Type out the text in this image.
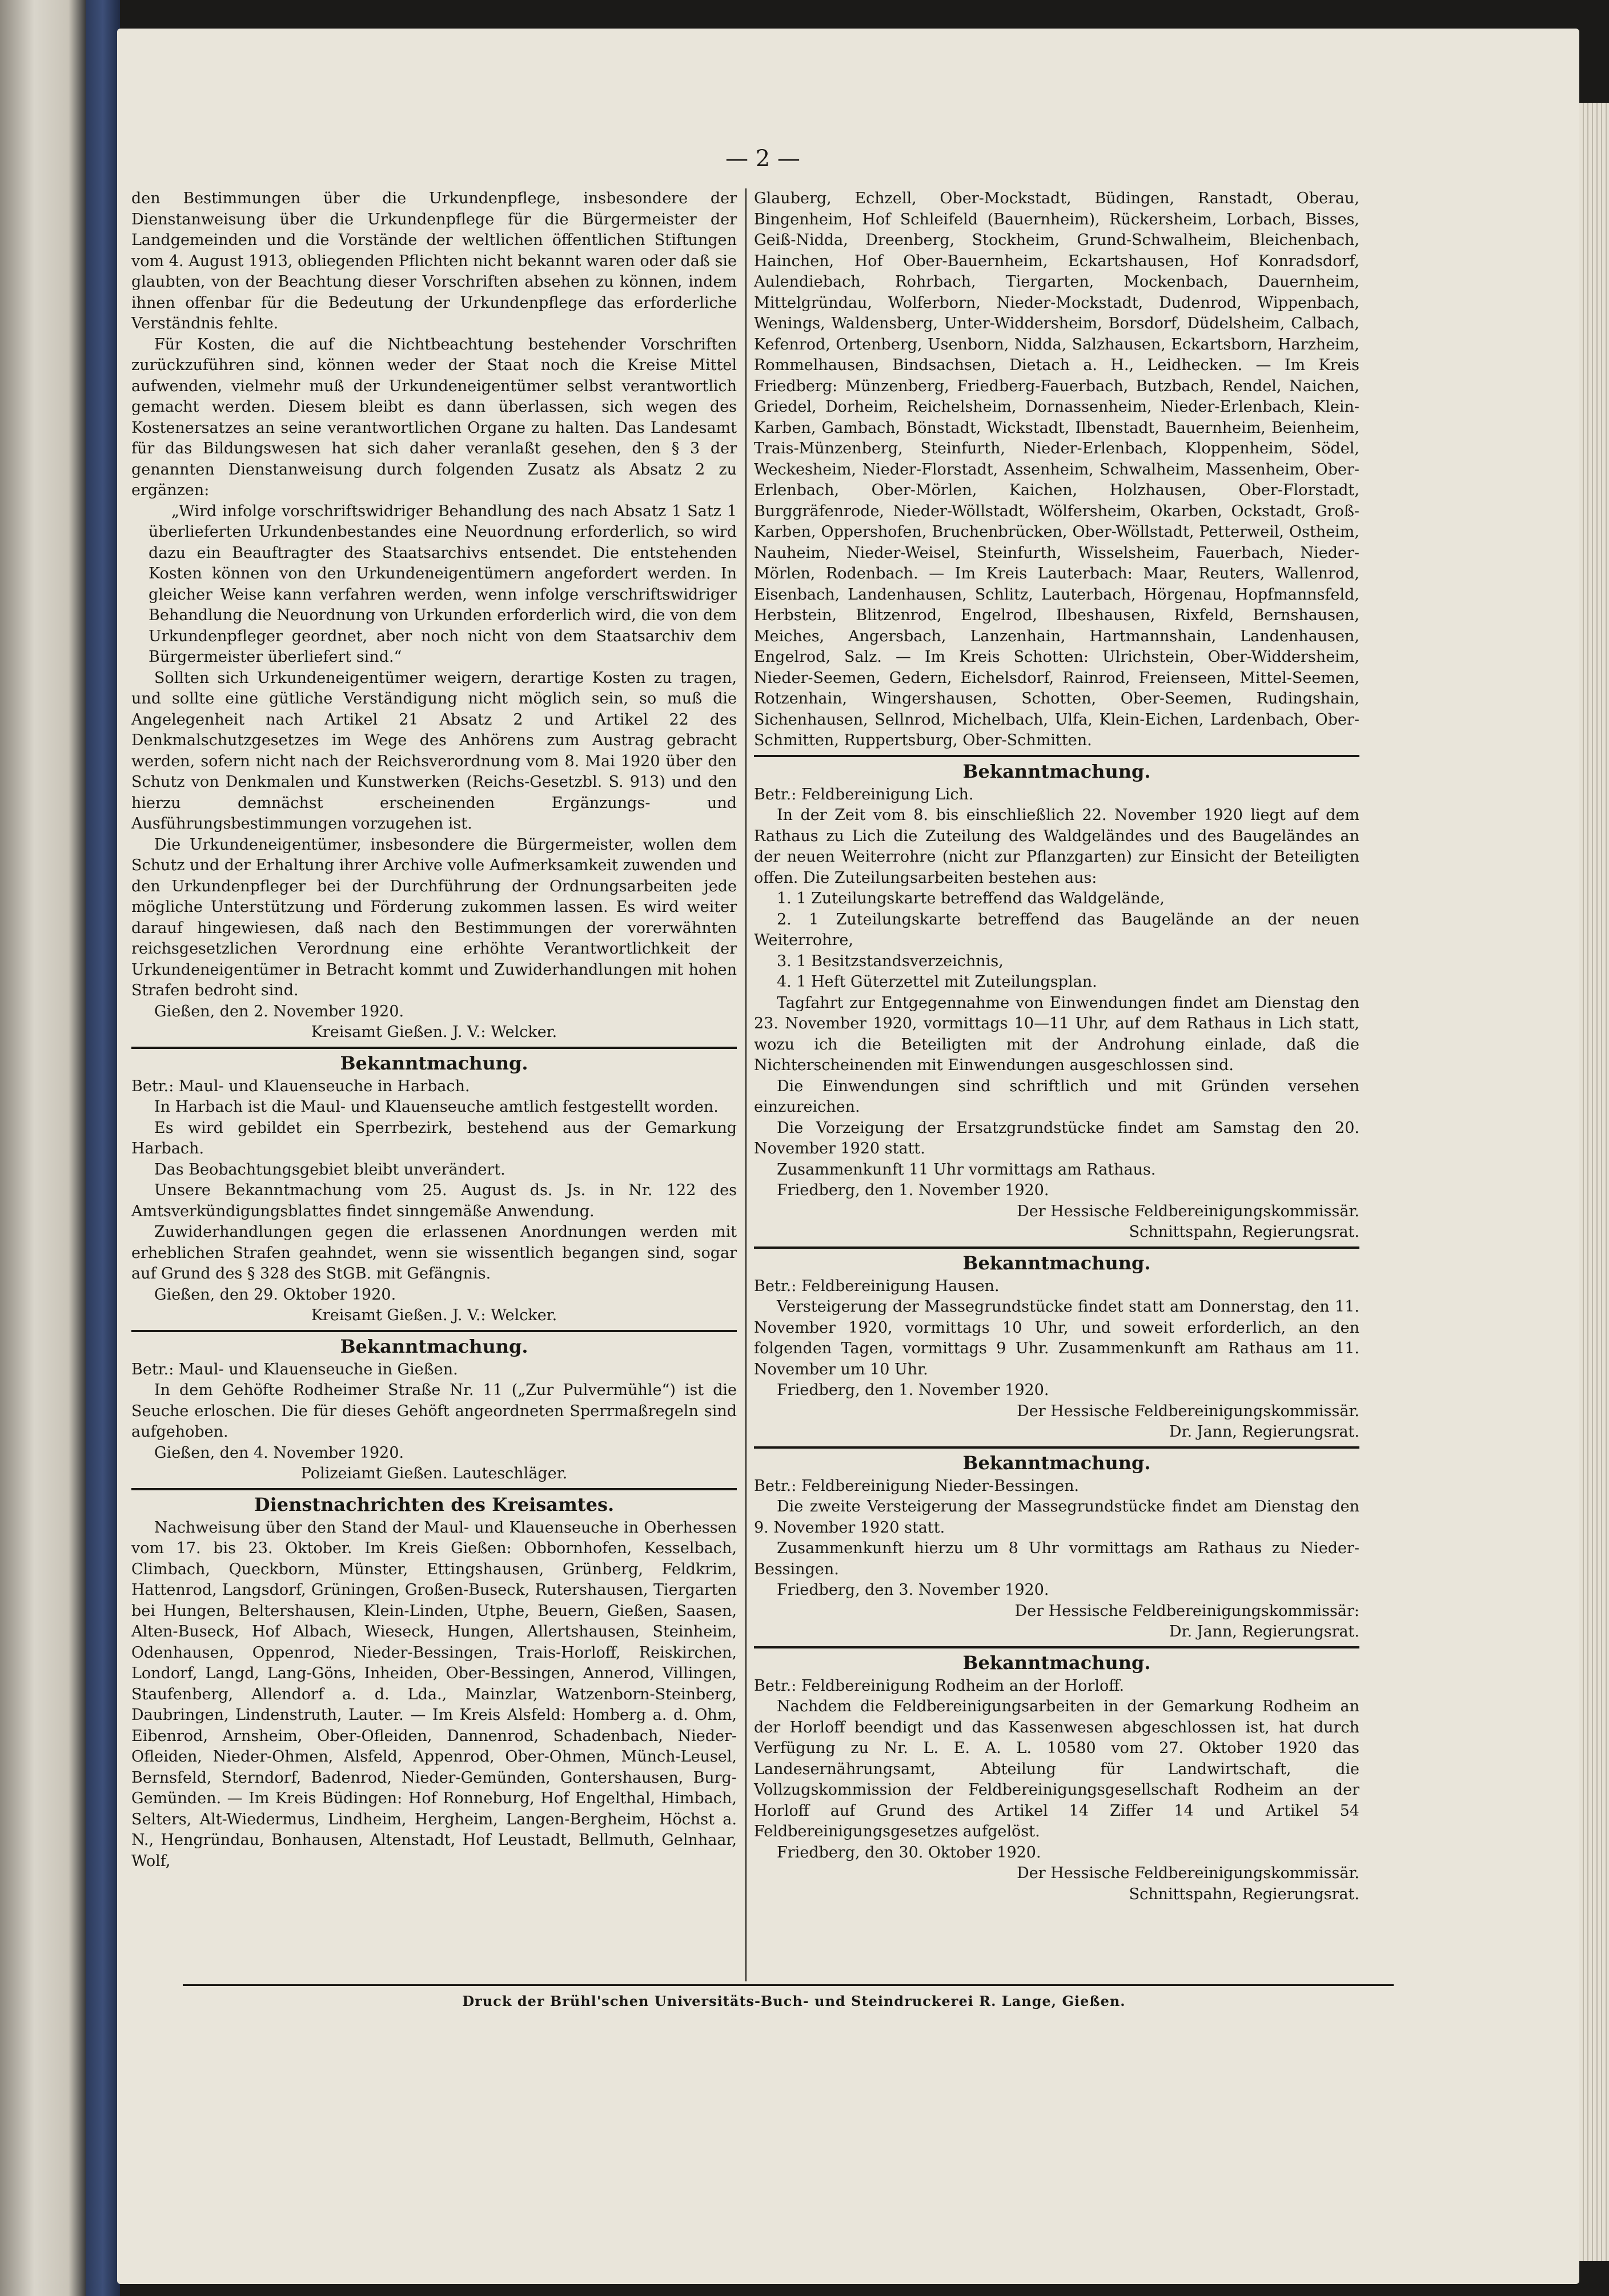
— 2 —

den Bestimmungen über die Urkundenpflege, insbesondere der Dienstanweisung über die Urkundenpflege für die Bürgermeister der Landgemeinden und die Vorstände der weltlichen öffentlichen Stiftungen vom 4. August 1913, obliegenden Pflichten nicht bekannt waren oder daß sie glaubten, von der Beachtung dieser Vorschriften absehen zu können, indem ihnen offenbar für die Bedeutung der Urkundenpflege das erforderliche Verständnis fehlte.

Für Kosten, die auf die Nichtbeachtung bestehender Vorschriften zurückzuführen sind, können weder der Staat noch die Kreise Mittel aufwenden, vielmehr muß der Urkundeneigentümer selbst verantwortlich gemacht werden. Diesem bleibt es dann überlassen, sich wegen des Kostenersatzes an seine verantwortlichen Organe zu halten. Das Landesamt für das Bildungswesen hat sich daher veranlaßt gesehen, den § 3 der genannten Dienstanweisung durch folgenden Zusatz als Absatz 2 zu ergänzen:

„Wird infolge vorschriftswidriger Behandlung des nach Absatz 1 Satz 1 überlieferten Urkundenbestandes eine Neuordnung erforderlich, so wird dazu ein Beauftragter des Staatsarchivs entsendet. Die entstehenden Kosten können von den Urkundeneigentümern angefordert werden. In gleicher Weise kann verfahren werden, wenn infolge verschriftswidriger Behandlung die Neuordnung von Urkunden erforderlich wird, die von dem Urkundenpfleger geordnet, aber noch nicht von dem Staatsarchiv dem Bürgermeister überliefert sind.“

Sollten sich Urkundeneigentümer weigern, derartige Kosten zu tragen, und sollte eine gütliche Verständigung nicht möglich sein, so muß die Angelegenheit nach Artikel 21 Absatz 2 und Artikel 22 des Denkmalschutzgesetzes im Wege des Anhörens zum Austrag gebracht werden, sofern nicht nach der Reichsverordnung vom 8. Mai 1920 über den Schutz von Denkmalen und Kunstwerken (Reichs-Gesetzbl. S. 913) und den hierzu demnächst erscheinenden Ergänzungs- und Ausführungsbestimmungen vorzugehen ist.

Die Urkundeneigentümer, insbesondere die Bürgermeister, wollen dem Schutz und der Erhaltung ihrer Archive volle Aufmerksamkeit zuwenden und den Urkundenpfleger bei der Durchführung der Ordnungsarbeiten jede mögliche Unterstützung und Förderung zukommen lassen. Es wird weiter darauf hingewiesen, daß nach den Bestimmungen der vorerwähnten reichsgesetzlichen Verordnung eine erhöhte Verantwortlichkeit der Urkundeneigentümer in Betracht kommt und Zuwiderhandlungen mit hohen Strafen bedroht sind.

Gießen, den 2. November 1920.

Kreisamt Gießen. J. V.: Welcker.

Bekanntmachung.

Betr.: Maul- und Klauenseuche in Harbach.

In Harbach ist die Maul- und Klauenseuche amtlich festgestellt worden.

Es wird gebildet ein Sperrbezirk, bestehend aus der Gemarkung Harbach.

Das Beobachtungsgebiet bleibt unverändert.

Unsere Bekanntmachung vom 25. August ds. Js. in Nr. 122 des Amtsverkündigungsblattes findet sinngemäße Anwendung.

Zuwiderhandlungen gegen die erlassenen Anordnungen werden mit erheblichen Strafen geahndet, wenn sie wissentlich begangen sind, sogar auf Grund des § 328 des StGB. mit Gefängnis.

Gießen, den 29. Oktober 1920.

Kreisamt Gießen. J. V.: Welcker.

Bekanntmachung.

Betr.: Maul- und Klauenseuche in Gießen.

In dem Gehöfte Rodheimer Straße Nr. 11 („Zur Pulvermühle“) ist die Seuche erloschen. Die für dieses Gehöft angeordneten Sperrmaßregeln sind aufgehoben.

Gießen, den 4. November 1920.

Polizeiamt Gießen. Lauteschläger.

Dienstnachrichten des Kreisamtes.

Nachweisung über den Stand der Maul- und Klauenseuche in Oberhessen vom 17. bis 23. Oktober. Im Kreis Gießen: Obbornhofen, Kesselbach, Climbach, Queckborn, Münster, Ettingshausen, Grünberg, Feldkrim, Hattenrod, Langsdorf, Grüningen, Großen-Buseck, Rutershausen, Tiergarten bei Hungen, Beltershausen, Klein-Linden, Utphe, Beuern, Gießen, Saasen, Alten-Buseck, Hof Albach, Wieseck, Hungen, Allertshausen, Steinheim, Odenhausen, Oppenrod, Nieder-Bessingen, Trais-Horloff, Reiskirchen, Londorf, Langd, Lang-Göns, Inheiden, Ober-Bessingen, Annerod, Villingen, Staufenberg, Allendorf a. d. Lda., Mainzlar, Watzenborn-Steinberg, Daubringen, Lindenstruth, Lauter. — Im Kreis Alsfeld: Homberg a. d. Ohm, Eibenrod, Arnsheim, Ober-Ofleiden, Dannenrod, Schadenbach, Nieder-Ofleiden, Nieder-Ohmen, Alsfeld, Appenrod, Ober-Ohmen, Münch-Leusel, Bernsfeld, Sterndorf, Badenrod, Nieder-Gemünden, Gontershausen, Burg-Gemünden. — Im Kreis Büdingen: Hof Ronneburg, Hof Engelthal, Himbach, Selters, Alt-Wiedermus, Lindheim, Hergheim, Langen-Bergheim, Höchst a. N., Hengründau, Bonhausen, Altenstadt, Hof Leustadt, Bellmuth, Gelnhaar, Wolf,

Glauberg, Echzell, Ober-Mockstadt, Büdingen, Ranstadt, Oberau, Bingenheim, Hof Schleifeld (Bauernheim), Rückersheim, Lorbach, Bisses, Geiß-Nidda, Dreenberg, Stockheim, Grund-Schwalheim, Bleichenbach, Hainchen, Hof Ober-Bauernheim, Eckartshausen, Hof Konradsdorf, Aulendiebach, Rohrbach, Tiergarten, Mockenbach, Dauernheim, Mittelgründau, Wolferborn, Nieder-Mockstadt, Dudenrod, Wippenbach, Wenings, Waldensberg, Unter-Widdersheim, Borsdorf, Düdelsheim, Calbach, Kefenrod, Ortenberg, Usenborn, Nidda, Salzhausen, Eckartsborn, Harzheim, Rommelhausen, Bindsachsen, Dietach a. H., Leidhecken. — Im Kreis Friedberg: Münzenberg, Friedberg-Fauerbach, Butzbach, Rendel, Naichen, Griedel, Dorheim, Reichelsheim, Dornassenheim, Nieder-Erlenbach, Klein-Karben, Gambach, Bönstadt, Wickstadt, Ilbenstadt, Bauernheim, Beienheim, Trais-Münzenberg, Steinfurth, Nieder-Erlenbach, Kloppenheim, Södel, Weckesheim, Nieder-Florstadt, Assenheim, Schwalheim, Massenheim, Ober-Erlenbach, Ober-Mörlen, Kaichen, Holzhausen, Ober-Florstadt, Burggräfenrode, Nieder-Wöllstadt, Wölfersheim, Okarben, Ockstadt, Groß-Karben, Oppershofen, Bruchenbrücken, Ober-Wöllstadt, Petterweil, Ostheim, Nauheim, Nieder-Weisel, Steinfurth, Wisselsheim, Fauerbach, Nieder-Mörlen, Rodenbach. — Im Kreis Lauterbach: Maar, Reuters, Wallenrod, Eisenbach, Landenhausen, Schlitz, Lauterbach, Hörgenau, Hopfmannsfeld, Herbstein, Blitzenrod, Engelrod, Ilbeshausen, Rixfeld, Bernshausen, Meiches, Angersbach, Lanzenhain, Hartmannshain, Landenhausen, Engelrod, Salz. — Im Kreis Schotten: Ulrichstein, Ober-Widdersheim, Nieder-Seemen, Gedern, Eichelsdorf, Rainrod, Freienseen, Mittel-Seemen, Rotzenhain, Wingershausen, Schotten, Ober-Seemen, Rudingshain, Sichenhausen, Sellnrod, Michelbach, Ulfa, Klein-Eichen, Lardenbach, Ober-Schmitten, Ruppertsburg, Ober-Schmitten.

Bekanntmachung.

Betr.: Feldbereinigung Lich.

In der Zeit vom 8. bis einschließlich 22. November 1920 liegt auf dem Rathaus zu Lich die Zuteilung des Waldgeländes und des Baugeländes an der neuen Weiterrohre (nicht zur Pflanzgarten) zur Einsicht der Beteiligten offen. Die Zuteilungsarbeiten bestehen aus:

1. 1 Zuteilungskarte betreffend das Waldgelände,

2. 1 Zuteilungskarte betreffend das Baugelände an der neuen Weiterrohre,

3. 1 Besitzstandsverzeichnis,

4. 1 Heft Güterzettel mit Zuteilungsplan.

Tagfahrt zur Entgegennahme von Einwendungen findet am Dienstag den 23. November 1920, vormittags 10—11 Uhr, auf dem Rathaus in Lich statt, wozu ich die Beteiligten mit der Androhung einlade, daß die Nichterscheinenden mit Einwendungen ausgeschlossen sind.

Die Einwendungen sind schriftlich und mit Gründen versehen einzureichen.

Die Vorzeigung der Ersatzgrundstücke findet am Samstag den 20. November 1920 statt.

Zusammenkunft 11 Uhr vormittags am Rathaus.

Friedberg, den 1. November 1920.

Der Hessische Feldbereinigungskommissär.

Schnittspahn, Regierungsrat.

Bekanntmachung.

Betr.: Feldbereinigung Hausen.

Versteigerung der Massegrundstücke findet statt am Donnerstag, den 11. November 1920, vormittags 10 Uhr, und soweit erforderlich, an den folgenden Tagen, vormittags 9 Uhr. Zusammenkunft am Rathaus am 11. November um 10 Uhr.

Friedberg, den 1. November 1920.

Der Hessische Feldbereinigungskommissär.

Dr. Jann, Regierungsrat.

Bekanntmachung.

Betr.: Feldbereinigung Nieder-Bessingen.

Die zweite Versteigerung der Massegrundstücke findet am Dienstag den 9. November 1920 statt.

Zusammenkunft hierzu um 8 Uhr vormittags am Rathaus zu Nieder-Bessingen.

Friedberg, den 3. November 1920.

Der Hessische Feldbereinigungskommissär:

Dr. Jann, Regierungsrat.

Bekanntmachung.

Betr.: Feldbereinigung Rodheim an der Horloff.

Nachdem die Feldbereinigungsarbeiten in der Gemarkung Rodheim an der Horloff beendigt und das Kassenwesen abgeschlossen ist, hat durch Verfügung zu Nr. L. E. A. L. 10580 vom 27. Oktober 1920 das Landesernährungsamt, Abteilung für Landwirtschaft, die Vollzugskommission der Feldbereinigungsgesellschaft Rodheim an der Horloff auf Grund des Artikel 14 Ziffer 14 und Artikel 54 Feldbereinigungsgesetzes aufgelöst.

Friedberg, den 30. Oktober 1920.

Der Hessische Feldbereinigungskommissär.

Schnittspahn, Regierungsrat.

Druck der Brühl'schen Universitäts-Buch- und Steindruckerei R. Lange, Gießen.
